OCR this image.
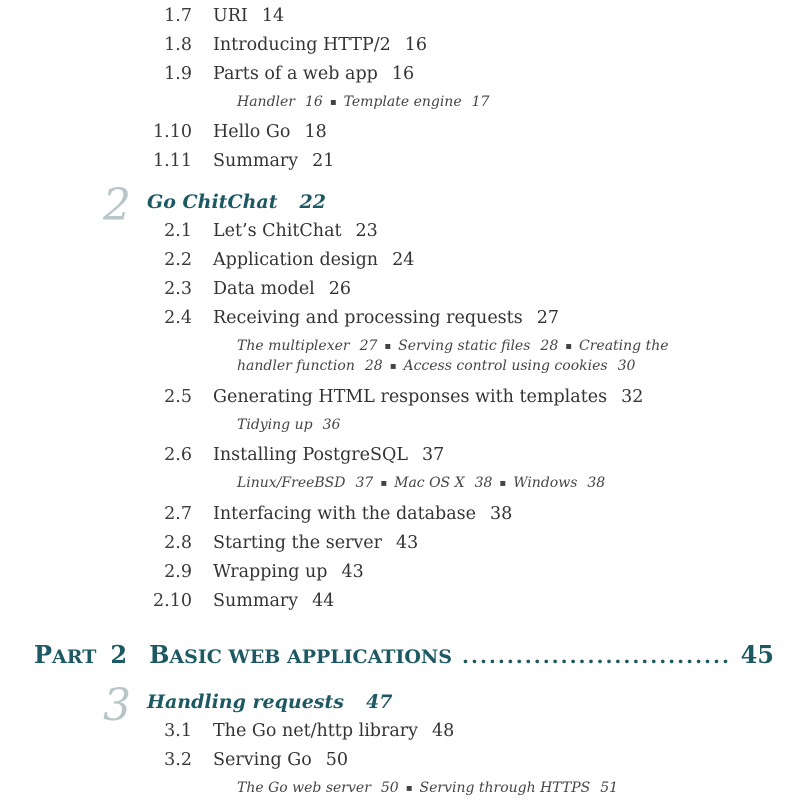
1.7 URI 14
1.8 Introducing HTTP/2 16
1.9 Parts of a web app 16
Handler 16 ▪ Template engine 17
1.10 Hello Go 18
1.11 Summary 21
2 Go ChitChat 22
2.1 Let’s ChitChat 23
2.2 Application design 24
2.3 Data model 26
2.4 Receiving and processing requests 27
The multiplexer 27 ▪ Serving static files 28 ▪ Creating the
handler function 28 ▪ Access control using cookies 30
2.5 Generating HTML responses with templates 32
Tidying up 36
2.6 Installing PostgreSQL 37
Linux/FreeBSD 37 ▪ Mac OS X 38 ▪ Windows 38
2.7 Interfacing with the database 38
2.8 Starting the server 43
2.9 Wrapping up 43
2.10 Summary 44
PART 2 BASIC WEB APPLICATIONS .............................. 45
3 Handling requests 47
3.1 The Go net/http library 48
3.2 Serving Go 50
The Go web server 50 ▪ Serving through HTTPS 51
